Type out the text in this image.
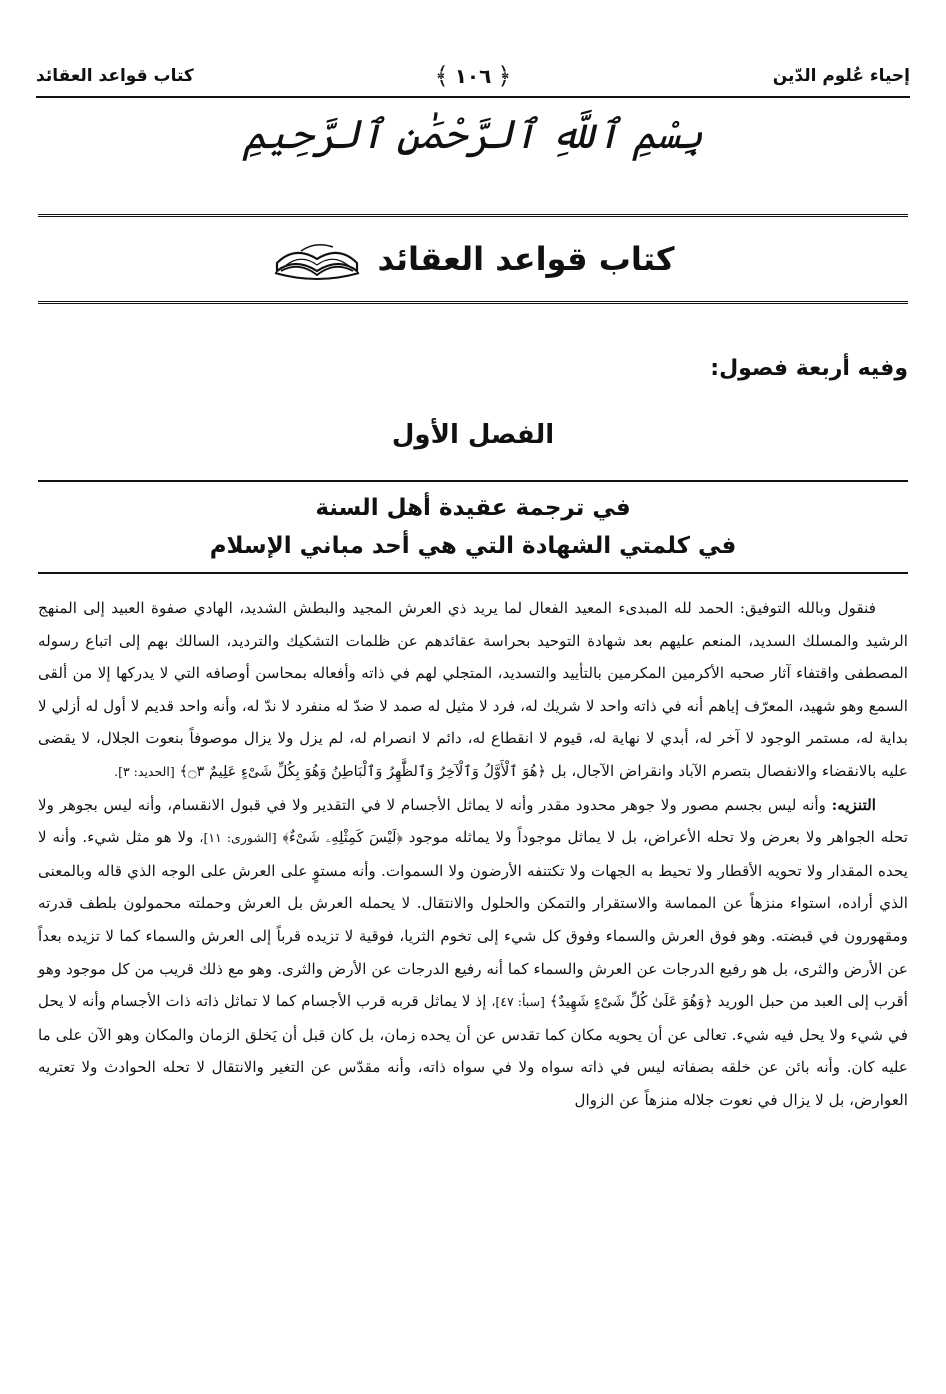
إحياء عُلوم الدّين
﴿
١٠٦
﴾
كتاب قواعد العقائد
بِسْمِ ٱللَّهِ ٱلرَّحْمَٰنِ ٱلرَّحِيمِ
كتاب قواعد العقائد
وفيه أربعة فصول:
الفصل الأول
في ترجمة عقيدة أهل السنة
في كلمتي الشهادة التي هي أحد مباني الإسلام

فنقول وبالله التوفيق: الحمد لله المبدىء المعيد الفعال لما يريد ذي العرش المجيد والبطش الشديد، الهادي صفوة العبيد إلى المنهج الرشيد والمسلك السديد، المنعم عليهم بعد شهادة التوحيد بحراسة عقائدهم عن ظلمات التشكيك والترديد، السالك بهم إلى اتباع رسوله المصطفى واقتفاء آثار صحبه الأكرمين المكرمين بالتأييد والتسديد، المتجلي لهم في ذاته وأفعاله بمحاسن أوصافه التي لا يدركها إلا من ألقى السمع وهو شهيد، المعرّف إياهم أنه في ذاته واحد لا شريك له، فرد لا مثيل له صمد لا ضدّ له منفرد لا ندّ له، وأنه واحد قديم لا أول له أزلي لا بداية له، مستمر الوجود لا آخر له، أبدي لا نهاية له، قيوم لا انقطاع له، دائم لا انصرام له، لم يزل ولا يزال موصوفاً بنعوت الجلال، لا يقضى عليه بالانقضاء والانفصال بتصرم الآباد وانقراض الآجال، بل ﴿هُوَ ٱلْأَوَّلُ وَٱلْآخِرُ وَٱلظَّٰهِرُ وَٱلْبَاطِنُ وَهُوَ بِكُلِّ شَىْءٍ عَلِيمٌ ۝٣﴾ [الحديد: ٣].

التنزيه: وأنه ليس بجسم مصور ولا جوهر محدود مقدر وأنه لا يماثل الأجسام لا في التقدير ولا في قبول الانقسام، وأنه ليس بجوهر ولا تحله الجواهر ولا بعرض ولا تحله الأعراض، بل لا يماثل موجوداً ولا يماثله موجود ﴿لَيْسَ كَمِثْلِهِۦ شَىْءٌ﴾ [الشورى: ١١]، ولا هو مثل شيء. وأنه لا يحده المقدار ولا تحويه الأقطار ولا تحيط به الجهات ولا تكتنفه الأرضون ولا السموات. وأنه مستوٍ على العرش على الوجه الذي قاله وبالمعنى الذي أراده، استواء منزهاً عن المماسة والاستقرار والتمكن والحلول والانتقال. لا يحمله العرش بل العرش وحملته محمولون بلطف قدرته ومقهورون في قبضته. وهو فوق العرش والسماء وفوق كل شيء إلى تخوم الثريا، فوقية لا تزيده قرباً إلى العرش والسماء كما لا تزيده بعداً عن الأرض والثرى، بل هو رفيع الدرجات عن العرش والسماء كما أنه رفيع الدرجات عن الأرض والثرى. وهو مع ذلك قريب من كل موجود وهو أقرب إلى العبد من حبل الوريد ﴿وَهُوَ عَلَىٰ كُلِّ شَىْءٍ شَهِيدٌ﴾ [سبأ: ٤٧]، إذ لا يماثل قربه قرب الأجسام كما لا تماثل ذاته ذات الأجسام وأنه لا يحل في شيء ولا يحل فيه شيء. تعالى عن أن يحويه مكان كما تقدس عن أن يحده زمان، بل كان قبل أن يَخلق الزمان والمكان وهو الآن على ما عليه كان. وأنه بائن عن خلقه بصفاته ليس في ذاته سواه ولا في سواه ذاته، وأنه مقدّس عن التغير والانتقال لا تحله الحوادث ولا تعتريه العوارض، بل لا يزال في نعوت جلاله منزهاً عن الزوال
